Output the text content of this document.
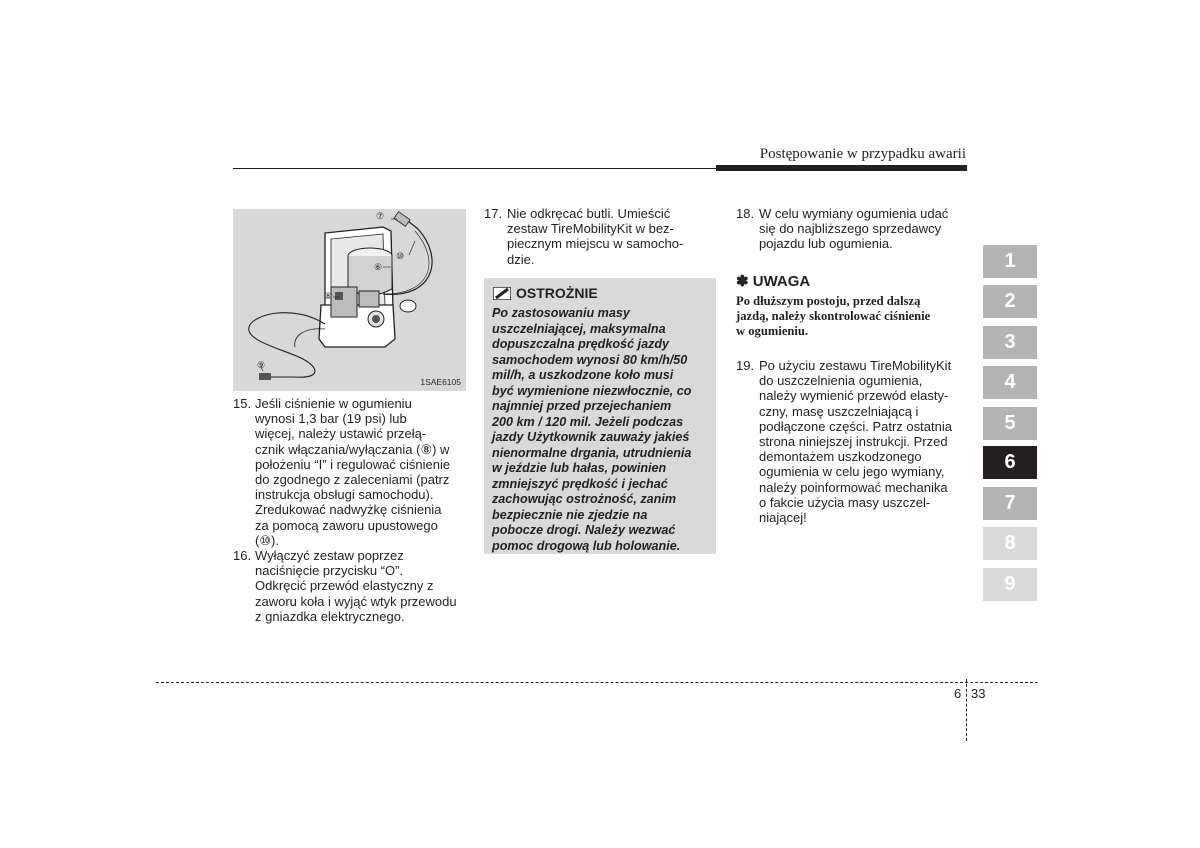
Postępowanie w przypadku awarii
⑦
⑥
⑩
⑧
⑨
1SAE6105
15. Jeśli ciśnienie w ogumieniu
wynosi 1,3 bar (19 psi) lub
więcej, należy ustawić przełą-
cznik włączania/wyłączania (⑧) w
położeniu “I” i regulować ciśnienie
do zgodnego z zaleceniami (patrz
instrukcja obsługi samochodu).
Zredukować nadwyżkę ciśnienia
za pomocą zaworu upustowego
(⑩).
16. Wyłączyć zestaw poprzez
naciśnięcie przycisku “O”.
Odkręcić przewód elastyczny z
zaworu koła i wyjąć wtyk przewodu
z gniazdka elektrycznego.
17. Nie odkręcać butli. Umieścić
zestaw TireMobilityKit w bez-
piecznym miejscu w samocho-
dzie.
OSTROŻNIE
Po zastosowaniu masy
uszczelniającej, maksymalna
dopuszczalna prędkość jazdy
samochodem wynosi 80 km/h/50
mil/h, a uszkodzone koło musi
być wymienione niezwłocznie, co
najmniej przed przejechaniem
200 km / 120 mil. Jeżeli podczas
jazdy Użytkownik zauważy jakieś
nienormalne drgania, utrudnienia
w jeździe lub hałas, powinien
zmniejszyć prędkość i jechać
zachowując ostrożność, zanim
bezpiecznie nie zjedzie na
pobocze drogi. Należy wezwać
pomoc drogową lub holowanie.
18. W celu wymiany ogumienia udać
się do najbliższego sprzedawcy
pojazdu lub ogumienia.
✽ UWAGA
Po dłuższym postoju, przed dalszą
jazdą, należy skontrolować ciśnienie
w ogumieniu.
19. Po użyciu zestawu TireMobilityKit
do uszczelnienia ogumienia,
należy wymienić przewód elasty-
czny, masę uszczelniającą i
podłączone części. Patrz ostatnia
strona niniejszej instrukcji. Przed
demontażem uszkodzonego
ogumienia w celu jego wymiany,
należy poinformować mechanika
o fakcie użycia masy uszczel-
niającej!
1
2
3
4
5
6
7
8
9
6 33
